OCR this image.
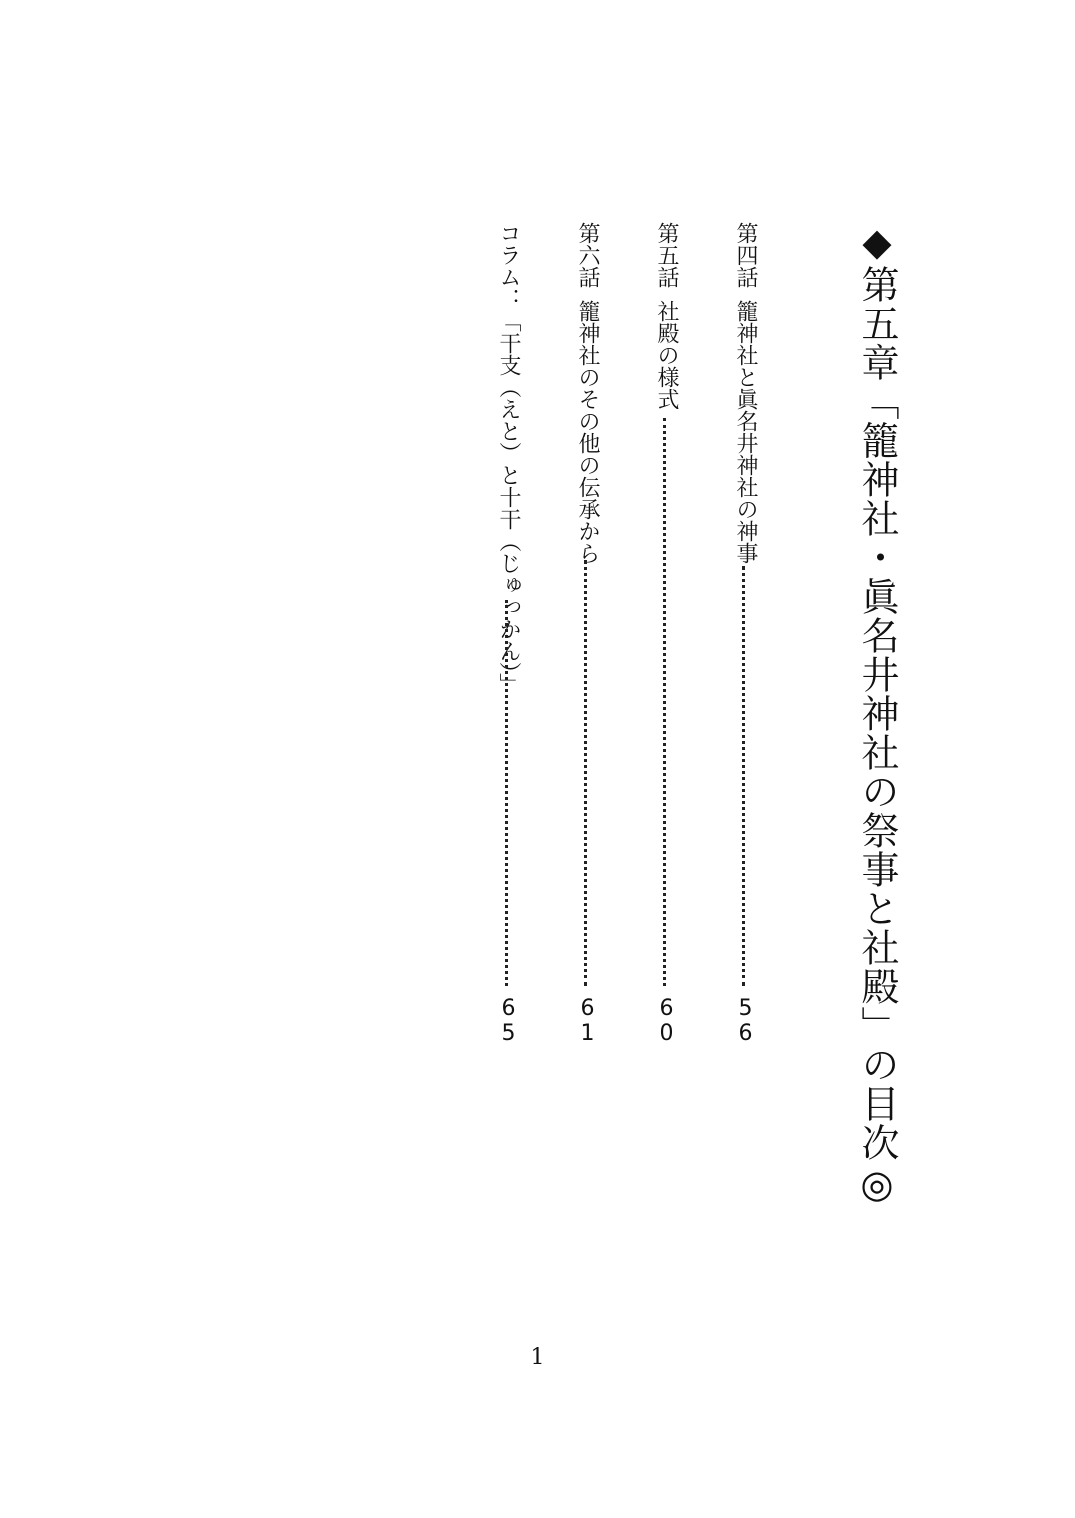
◆第五章「籠神社・眞名井神社の祭事と社殿」の目次◎
第四話
籠神社と眞名井神社の神事
56
第五話
社殿の様式
60
第六話
籠神社のその他の伝承から
61
コラム：「干支（えと）と十干（じゅっかん）」
65
1
